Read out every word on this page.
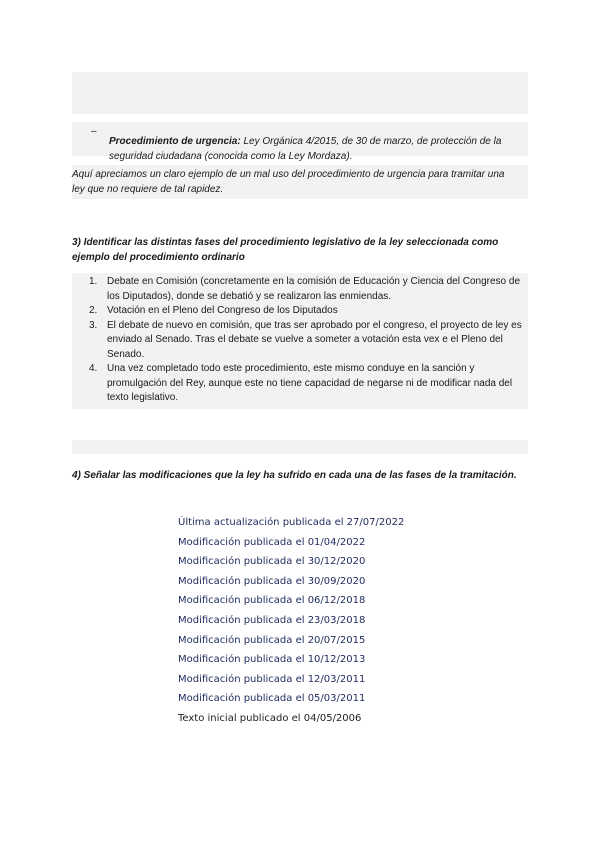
–

Procedimiento de urgencia: Ley Orgánica 4/2015, de 30 de marzo, de protección de la seguridad ciudadana (conocida como la Ley Mordaza).

Aquí apreciamos un claro ejemplo de un mal uso del procedimiento de urgencia para tramitar una ley que no requiere de tal rapidez.

3) Identificar las distintas fases del procedimiento legislativo de la ley seleccionada como ejemplo del procedimiento ordinario

1. Debate en Comisión (concretamente en la comisión de Educación y Ciencia del Congreso de los Diputados), donde se debatió y se realizaron las enmiendas.
2. Votación en el Pleno del Congreso de los Diputados
3. El debate de nuevo en comisión, que tras ser aprobado por el congreso, el proyecto de ley es enviado al Senado. Tras el debate se vuelve a someter a votación esta vex e el Pleno del Senado.
4. Una vez completado todo este procedimiento, este mismo conduye en la sanción y promulgación del Rey, aunque este no tiene capacidad de negarse ni de modificar nada del texto legislativo.

4) Señalar las modificaciones que la ley ha sufrido en cada una de las fases de la tramitación.

Última actualización publicada el 27/07/2022
Modificación publicada el 01/04/2022
Modificación publicada el 30/12/2020
Modificación publicada el 30/09/2020
Modificación publicada el 06/12/2018
Modificación publicada el 23/03/2018
Modificación publicada el 20/07/2015
Modificación publicada el 10/12/2013
Modificación publicada el 12/03/2011
Modificación publicada el 05/03/2011
Texto inicial publicado el 04/05/2006
